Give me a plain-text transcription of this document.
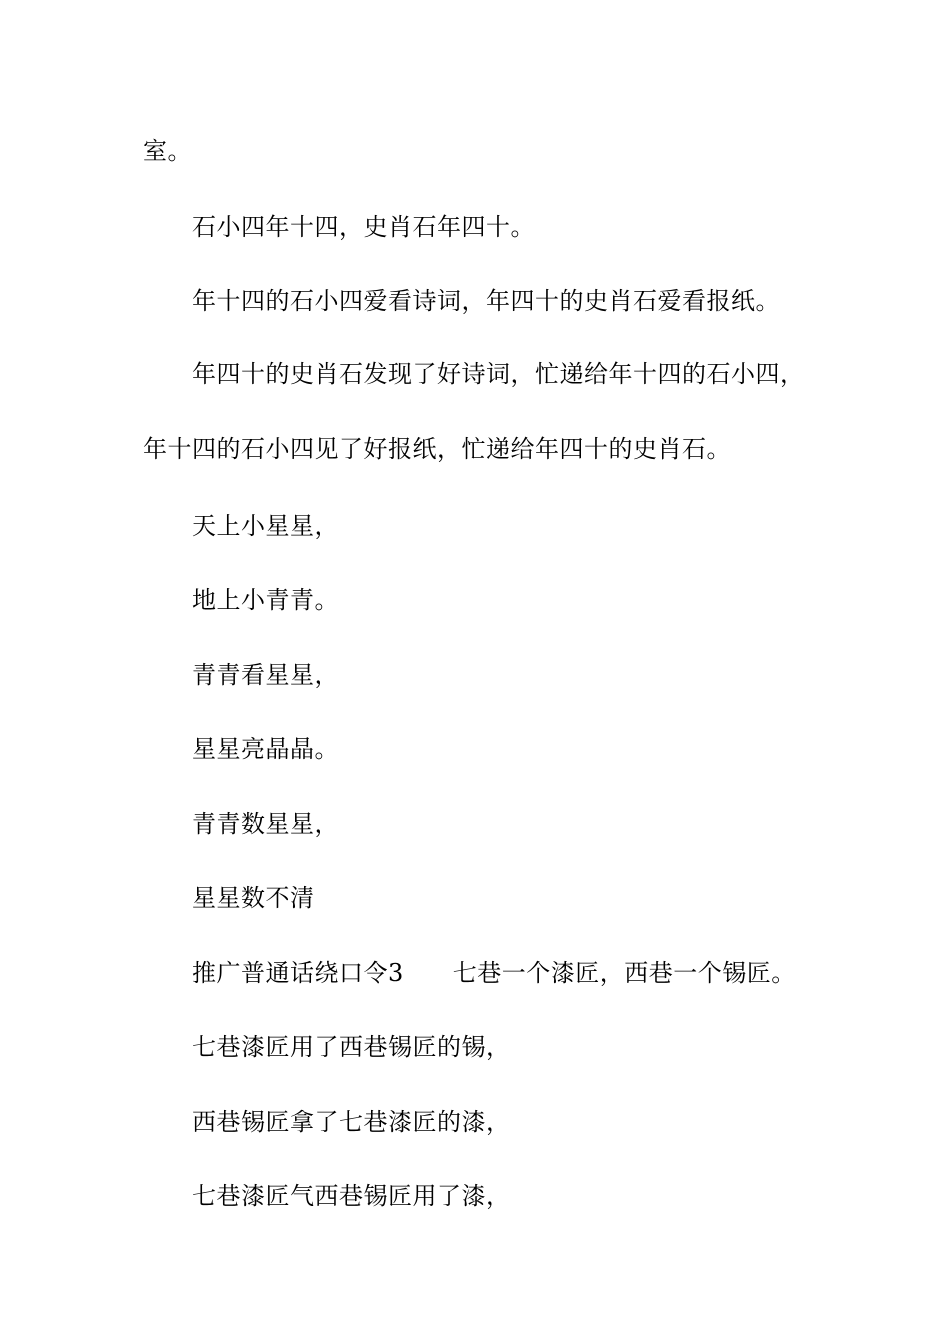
室。

石小四年十四，史肖石年四十。

年十四的石小四爱看诗词，年四十的史肖石爱看报纸。

年四十的史肖石发现了好诗词，忙递给年十四的石小四，

年十四的石小四见了好报纸，忙递给年四十的史肖石。

天上小星星，

地上小青青。

青青看星星，

星星亮晶晶。

青青数星星，

星星数不清

推广普通话绕口令3　　七巷一个漆匠，西巷一个锡匠。

七巷漆匠用了西巷锡匠的锡，

西巷锡匠拿了七巷漆匠的漆，

七巷漆匠气西巷锡匠用了漆，
